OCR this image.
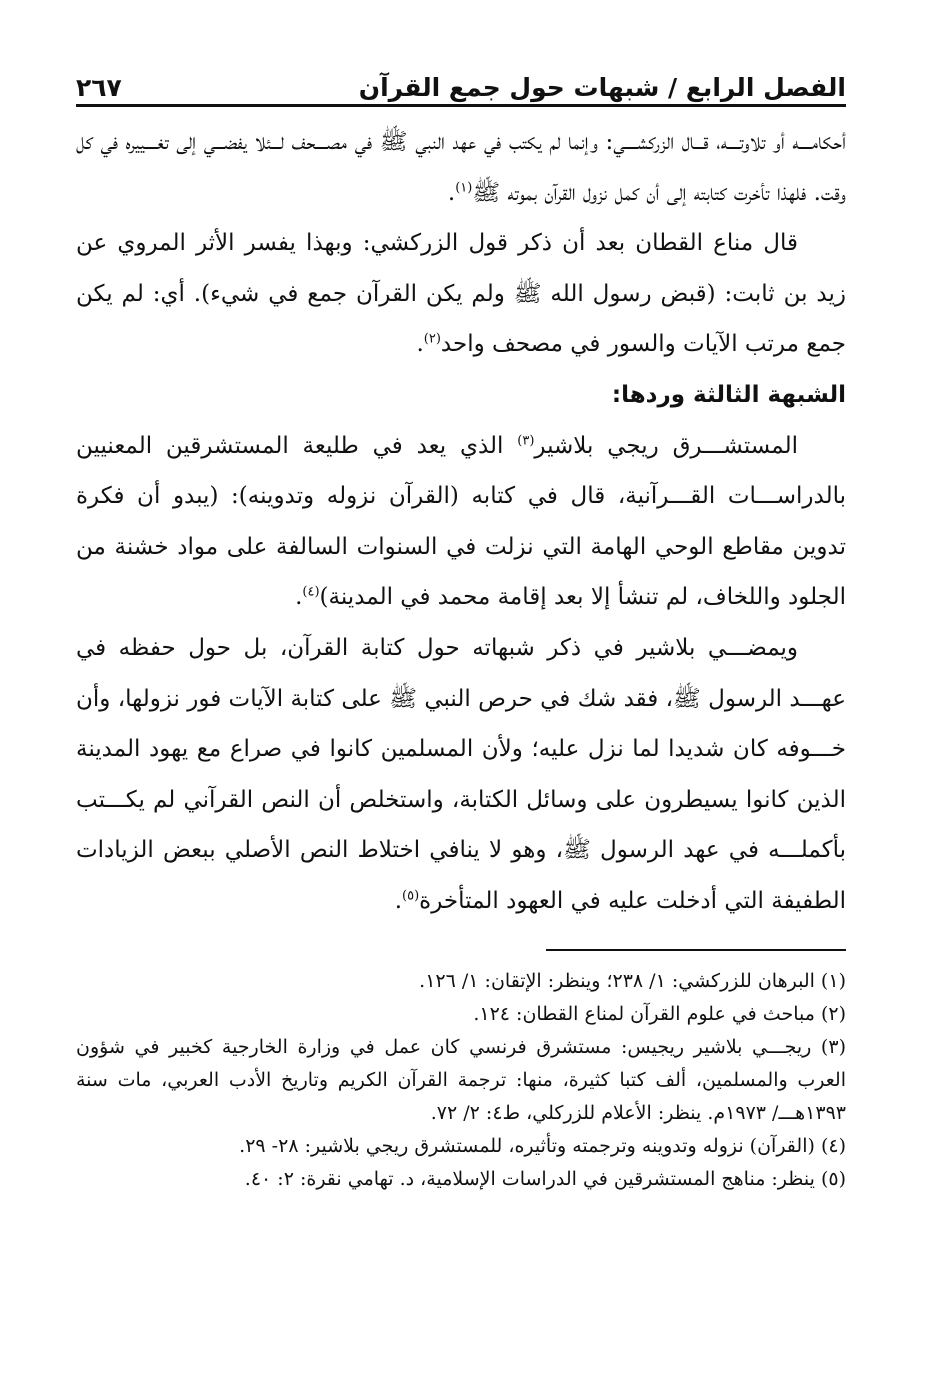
الفصل الرابع / شبهات حول جمع القرآن
٢٦٧

أحكامــــه أو تلاوتــــه، قـــال الزركشــــي: وإنما لم يكتب في عهد النبي ﷺ في مصــــحف لـــئلا يفضـــي إلى تغــــييره في كل وقت. فلهذا تأخرت كتابته إلى أن كمل نزول القرآن بموته ﷺ$^{(١)}$.

قال مناع القطان بعد أن ذكر قول الزركشي: وبهذا يفسر الأثر المروي عن زيد بن ثابت: (قبض رسول الله ﷺ ولم يكن القرآن جمع في شيء). أي: لم يكن جمع مرتب الآيات والسور في مصحف واحد$^{(٢)}$.

الشبهة الثالثة وردها:

المستشـــرق ريجي بلاشير$^{(٣)}$ الذي يعد في طليعة المستشرقين المعنيين بالدراســـات القـــرآنية، قال في كتابه (القرآن نزوله وتدوينه): (يبدو أن فكرة تدوين مقاطع الوحي الهامة التي نزلت في السنوات السالفة على مواد خشنة من الجلود واللخاف، لم تنشأ إلا بعد إقامة محمد في المدينة)$^{(٤)}$.

ويمضـــي بلاشير في ذكر شبهاته حول كتابة القرآن، بل حول حفظه في عهـــد الرسول ﷺ، فقد شك في حرص النبي ﷺ على كتابة الآيات فور نزولها، وأن خـــوفه كان شديدا لما نزل عليه؛ ولأن المسلمين كانوا في صراع مع يهود المدينة الذين كانوا يسيطرون على وسائل الكتابة، واستخلص أن النص القرآني لم يكـــتب بأكملـــه في عهد الرسول ﷺ، وهو لا ينافي اختلاط النص الأصلي ببعض الزيادات الطفيفة التي أدخلت عليه في العهود المتأخرة$^{(٥)}$.

(١) البرهان للزركشي: ١/ ٢٣٨؛ وينظر: الإتقان: ١/ ١٢٦.

(٢) مباحث في علوم القرآن لمناع القطان: ١٢٤.

(٣) ريجـــي بلاشير ريجيس: مستشرق فرنسي كان عمل في وزارة الخارجية كخبير في شؤون العرب والمسلمين، ألف كتبا كثيرة، منها: ترجمة القرآن الكريم وتاريخ الأدب العربي، مات سنة ١٣٩٣هـــ/ ١٩٧٣م. ينظر: الأعلام للزركلي، ط٤: ٢/ ٧٢.

(٤) (القرآن) نزوله وتدوينه وترجمته وتأثيره، للمستشرق ريجي بلاشير: ٢٨- ٢٩.

(٥) ينظر: مناهج المستشرقين في الدراسات الإسلامية، د. تهامي نقرة: ٢: ٤٠.
